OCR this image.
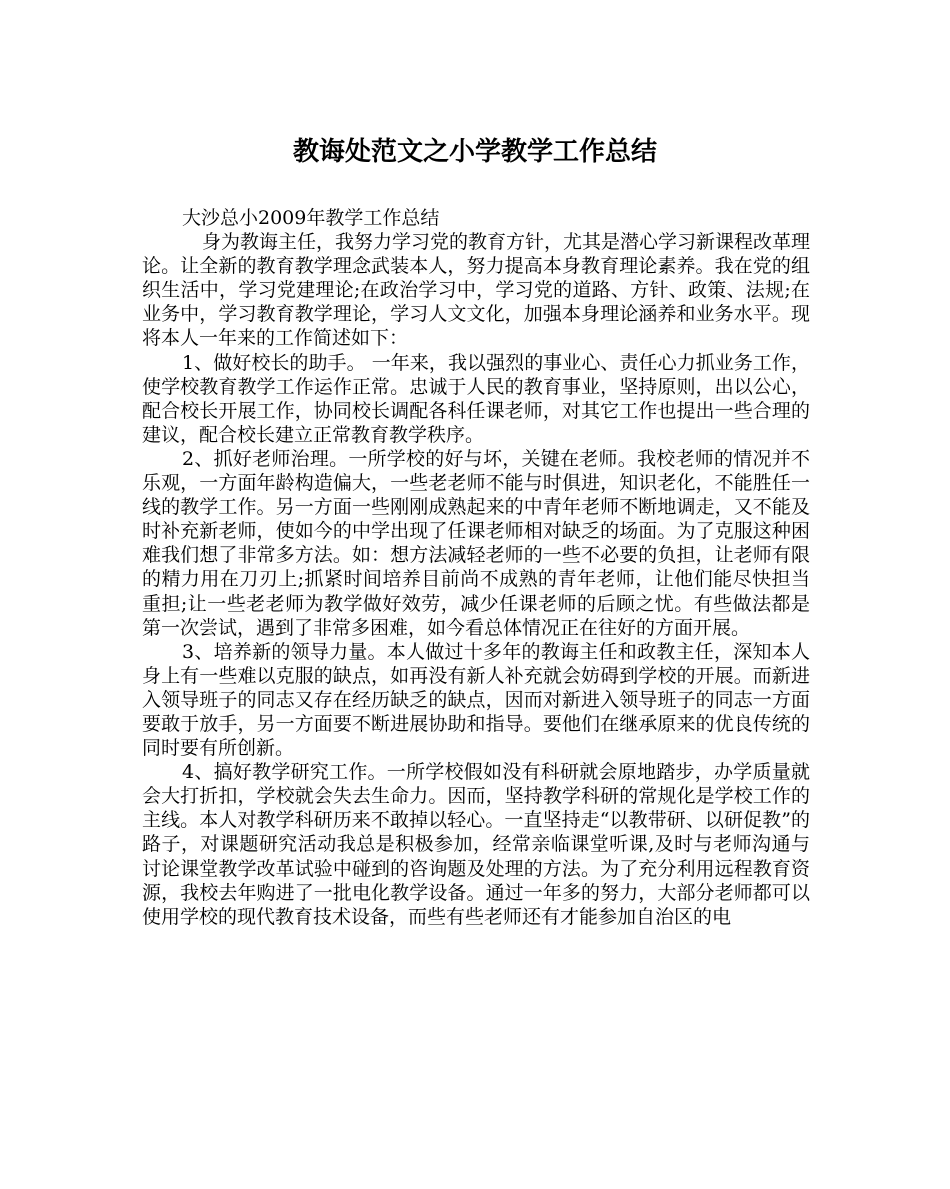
教诲处范文之小学教学工作总结

大沙总小2009年教学工作总结

身为教诲主任，我努力学习党的教育方针，尤其是潜心学习新课程改革理论。让全新的教育教学理念武装本人，努力提高本身教育理论素养。我在党的组织生活中，学习党建理论;在政治学习中，学习党的道路、方针、政策、法规;在业务中，学习教育教学理论，学习人文文化，加强本身理论涵养和业务水平。现将本人一年来的工作简述如下：

1、做好校长的助手。 一年来，我以强烈的事业心、责任心力抓业务工作，使学校教育教学工作运作正常。忠诚于人民的教育事业，坚持原则，出以公心，配合校长开展工作，协同校长调配各科任课老师，对其它工作也提出一些合理的建议，配合校长建立正常教育教学秩序。

2、抓好老师治理。一所学校的好与坏，关键在老师。我校老师的情况并不乐观，一方面年龄构造偏大，一些老老师不能与时俱进，知识老化，不能胜任一线的教学工作。另一方面一些刚刚成熟起来的中青年老师不断地调走，又不能及时补充新老师，使如今的中学出现了任课老师相对缺乏的场面。为了克服这种困难我们想了非常多方法。如：想方法减轻老师的一些不必要的负担，让老师有限的精力用在刀刃上;抓紧时间培养目前尚不成熟的青年老师，让他们能尽快担当重担;让一些老老师为教学做好效劳，减少任课老师的后顾之忧。有些做法都是第一次尝试，遇到了非常多困难，如今看总体情况正在往好的方面开展。

3、培养新的领导力量。本人做过十多年的教诲主任和政教主任，深知本人身上有一些难以克服的缺点，如再没有新人补充就会妨碍到学校的开展。而新进入领导班子的同志又存在经历缺乏的缺点，因而对新进入领导班子的同志一方面要敢于放手，另一方面要不断进展协助和指导。要他们在继承原来的优良传统的同时要有所创新。

4、搞好教学研究工作。一所学校假如没有科研就会原地踏步，办学质量就会大打折扣，学校就会失去生命力。因而，坚持教学科研的常规化是学校工作的主线。本人对教学科研历来不敢掉以轻心。一直坚持走“以教带研、以研促教”的路子，对课题研究活动我总是积极参加，经常亲临课堂听课,及时与老师沟通与讨论课堂教学改革试验中碰到的咨询题及处理的方法。为了充分利用远程教育资源，我校去年购进了一批电化教学设备。通过一年多的努力，大部分老师都可以使用学校的现代教育技术设备，而些有些老师还有才能参加自治区的电
